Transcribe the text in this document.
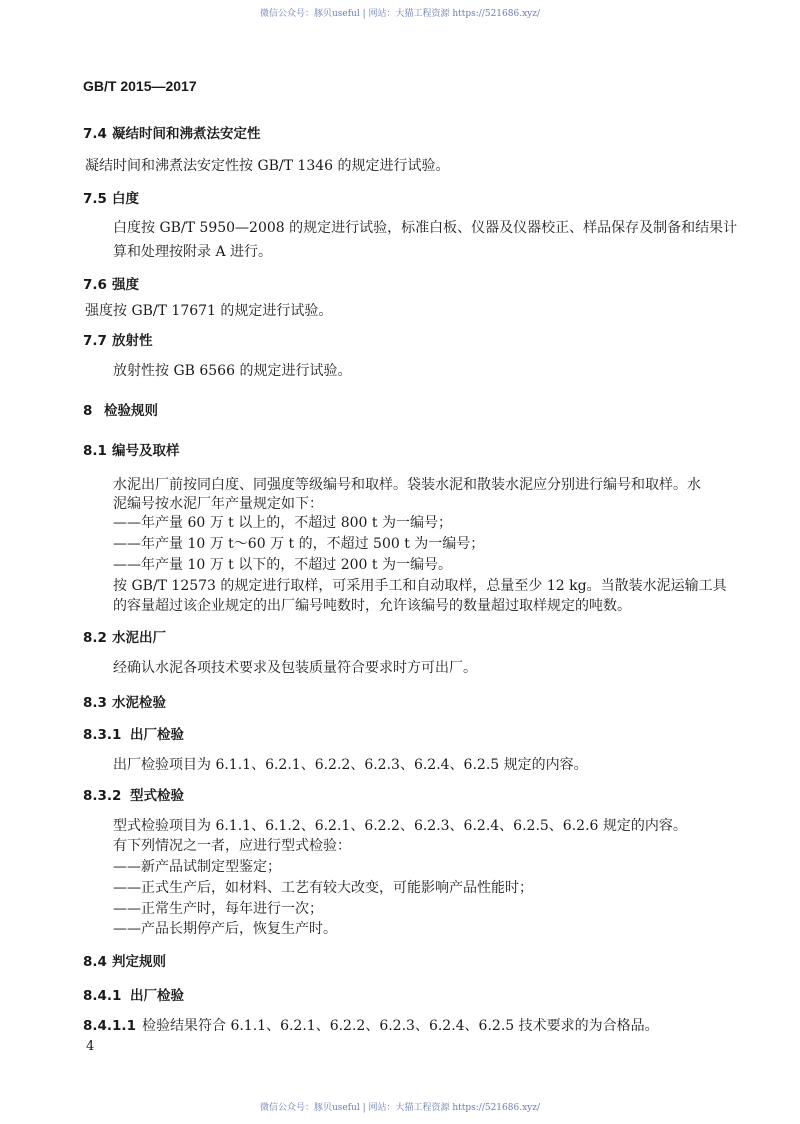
微信公众号：豚贝useful | 网站：大猫工程资源 https://521686.xyz/
GB/T 2015—2017
7.4 凝结时间和沸煮法安定性
凝结时间和沸煮法安定性按 GB/T 1346 的规定进行试验。
7.5 白度
白度按 GB/T 5950—2008 的规定进行试验，标准白板、仪器及仪器校正、样品保存及制备和结果计
算和处理按附录 A 进行。
7.6 强度
强度按 GB/T 17671 的规定进行试验。
7.7 放射性
放射性按 GB 6566 的规定进行试验。
8 检验规则
8.1 编号及取样
水泥出厂前按同白度、同强度等级编号和取样。袋装水泥和散装水泥应分别进行编号和取样。水
泥编号按水泥厂年产量规定如下：
——年产量 60 万 t 以上的，不超过 800 t 为一编号；
——年产量 10 万 t～60 万 t 的，不超过 500 t 为一编号；
——年产量 10 万 t 以下的，不超过 200 t 为一编号。
按 GB/T 12573 的规定进行取样，可采用手工和自动取样，总量至少 12 kg。当散装水泥运输工具
的容量超过该企业规定的出厂编号吨数时，允许该编号的数量超过取样规定的吨数。
8.2 水泥出厂
经确认水泥各项技术要求及包装质量符合要求时方可出厂。
8.3 水泥检验
8.3.1 出厂检验
出厂检验项目为 6.1.1、6.2.1、6.2.2、6.2.3、6.2.4、6.2.5 规定的内容。
8.3.2 型式检验
型式检验项目为 6.1.1、6.1.2、6.2.1、6.2.2、6.2.3、6.2.4、6.2.5、6.2.6 规定的内容。
有下列情况之一者，应进行型式检验：
——新产品试制定型鉴定；
——正式生产后，如材料、工艺有较大改变，可能影响产品性能时；
——正常生产时，每年进行一次；
——产品长期停产后，恢复生产时。
8.4 判定规则
8.4.1 出厂检验
8.4.1.1 检验结果符合 6.1.1、6.2.1、6.2.2、6.2.3、6.2.4、6.2.5 技术要求的为合格品。
4
微信公众号：豚贝useful | 网站：大猫工程资源 https://521686.xyz/
